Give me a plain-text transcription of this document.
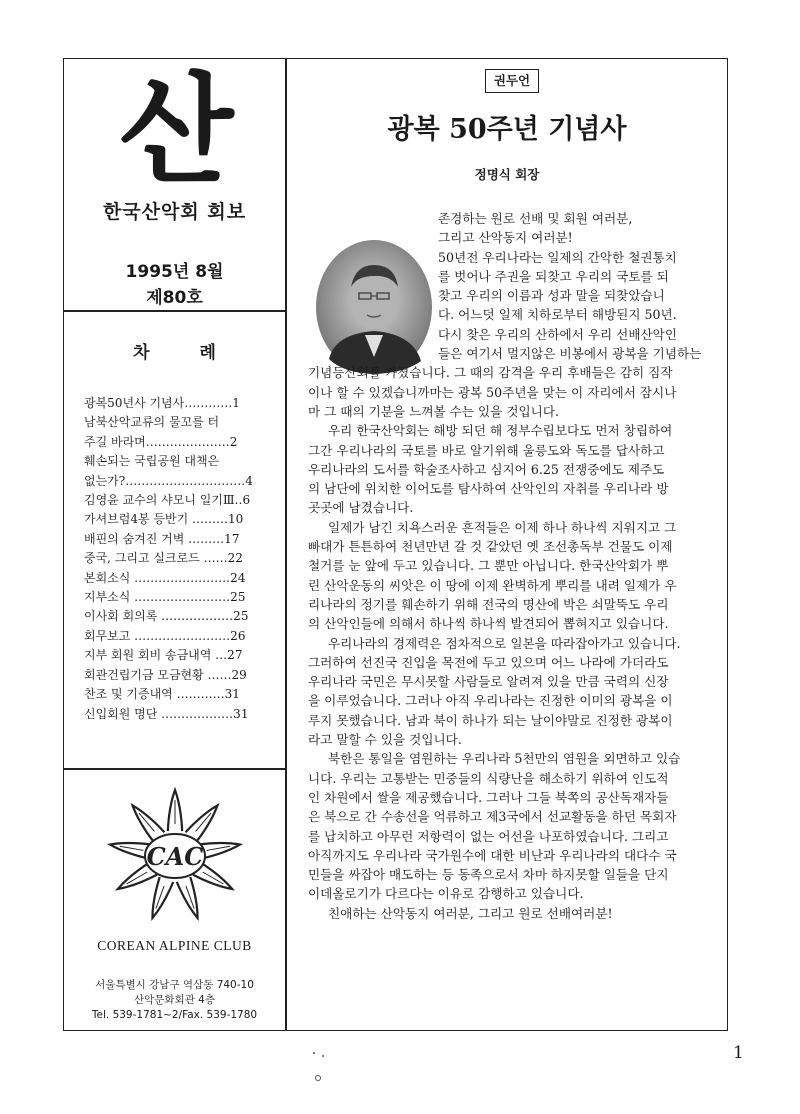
산
한국산악회 회보
1995년 8월
제80호
차 례
광복50년사 기념사…………1
남북산악교류의 물꼬를 터
주길 바라며…………………2
훼손되는 국립공원 대책은
없는가?…………………………4
김영윤 교수의 샤모니 일기Ⅲ‥6
가셔브럼4봉 등반기 ………10
배핀의 숨겨진 거벽 ………17
중국, 그리고 실크로드 ……22
본회소식 ……………………24
지부소식 ……………………25
이사회 회의록 ………………25
회무보고 ……………………26
지부 회원 회비 송금내역 …27
회관건립기금 모금현황 ……29
찬조 및 기증내역 …………31
신입회원 명단 ………………31
CAC
COREAN ALPINE CLUB
서울특별시 강남구 역삼동 740-10
산악문화회관 4층
Tel. 539-1781~2/Fax. 539-1780
권두언
광복 50주년 기념사
정명식 회장
존경하는 원로 선배 및 회원 여러분,
그리고 산악동지 여러분!
50년전 우리나라는 일제의 간악한 철권통치
를 벗어나 주권을 되찾고 우리의 국토를 되
찾고 우리의 이름과 성과 말을 되찾았습니
다. 어느덧 일제 치하로부터 해방된지 50년.
다시 찾은 우리의 산하에서 우리 선배산악인
들은 여기서 멀지않은 비봉에서 광복을 기념하는
기념등산회를 가졌습니다. 그 때의 감격을 우리 후배들은 감히 짐작
이나 할 수 있겠습니까마는 광복 50주년을 맞는 이 자리에서 잠시나
마 그 때의 기분을 느껴볼 수는 있을 것입니다.
우리 한국산악회는 해방 되던 해 정부수립보다도 먼저 창립하여
그간 우리나라의 국토를 바로 알기위해 울릉도와 독도를 답사하고
우리나라의 도서를 학술조사하고 심지어 6.25 전쟁중에도 제주도
의 남단에 위치한 이어도를 탐사하여 산악인의 자취를 우리나라 방
곳곳에 남겼습니다.
일제가 남긴 치욕스러운 흔적들은 이제 하나 하나씩 지워지고 그
빠대가 튼튼하여 천년만년 갈 것 같았던 옛 조선총독부 건물도 이제
철거를 눈 앞에 두고 있습니다. 그 뿐만 아닙니다. 한국산악회가 뿌
린 산악운동의 씨앗은 이 땅에 이제 완벽하게 뿌리를 내려 일제가 우
리나라의 정기를 훼손하기 위해 전국의 명산에 박은 쇠말뚝도 우리
의 산악인들에 의해서 하나씩 하나씩 발견되어 뽑혀지고 있습니다.
우리나라의 경제력은 점차적으로 일본을 따라잡아가고 있습니다.
그러하여 선진국 진입을 목전에 두고 있으며 어느 나라에 가더라도
우리나라 국민은 무시못할 사람들로 알려져 있을 만큼 국력의 신장
을 이루었습니다. 그러나 아직 우리나라는 진정한 이미의 광복을 이
루지 못했습니다. 남과 북이 하나가 되는 날이야말로 진정한 광복이
라고 말할 수 있을 것입니다.
북한은 통일을 염원하는 우리나라 5천만의 염원을 외면하고 있습
니다. 우리는 고통받는 민중들의 식량난을 해소하기 위하여 인도적
인 차원에서 쌀을 제공했습니다. 그러나 그들 북쪽의 공산독재자들
은 북으로 간 수송선을 억류하고 제3국에서 선교활동을 하던 목회자
를 납치하고 아무런 저항력이 없는 어선을 나포하였습니다. 그리고
아직까지도 우리나라 국가원수에 대한 비난과 우리나라의 대다수 국
민들을 싸잡아 매도하는 등 동족으로서 차마 하지못할 일들을 단지
이데올로기가 다르다는 이유로 감행하고 있습니다.
친애하는 산악동지 여러분, 그리고 원로 선배여러분!
1
